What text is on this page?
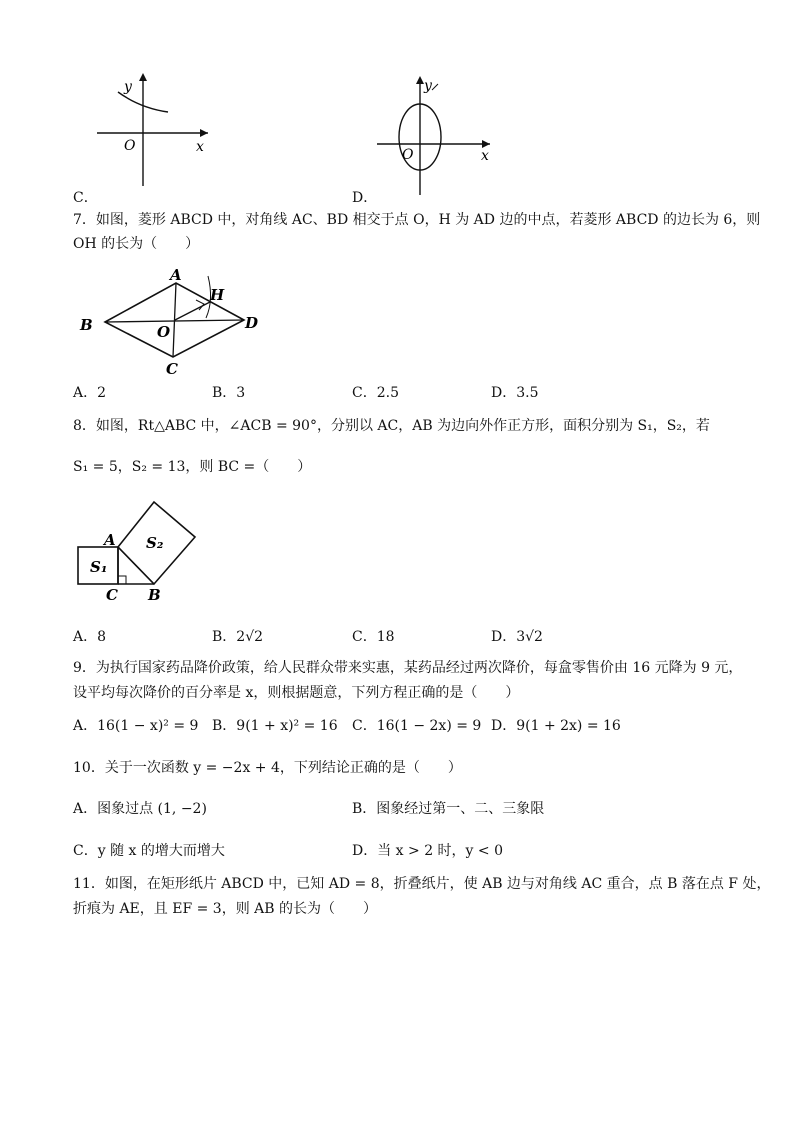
y
O	x
C．
y
O	x
D．
7．如图，菱形 ABCD 中，对角线 AC、BD 相交于点 O，H 为 AD 边的中点，若菱形 ABCD 的边长为 6，则
OH 的长为（　　）
A
B
C
D
O
H
A．2	B．3	C．2.5	D．3.5
8．如图，Rt△ABC 中，∠ACB = 90°，分别以 AC，AB 为边向外作正方形，面积分别为 S₁，S₂，若
S₁ = 5，S₂ = 13，则 BC =（　　）
A
C B
S₁
S₂
A．8	B．2√2	C．18	D．3√2
9．为执行国家药品降价政策，给人民群众带来实惠，某药品经过两次降价，每盒零售价由 16 元降为 9 元，
设平均每次降价的百分率是 x，则根据题意，下列方程正确的是（　　）
A．16(1 − x)² = 9 B．9(1 + x)² = 16 C．16(1 − 2x) = 9 D．9(1 + 2x) = 16
10．关于一次函数 y = −2x + 4，下列结论正确的是（　　）
A．图象过点 (1, −2)	B．图象经过第一、二、三象限
C．y 随 x 的增大而增大	D．当 x > 2 时，y < 0
11．如图，在矩形纸片 ABCD 中，已知 AD = 8，折叠纸片，使 AB 边与对角线 AC 重合，点 B 落在点 F 处，
折痕为 AE，且 EF = 3，则 AB 的长为（　　）
